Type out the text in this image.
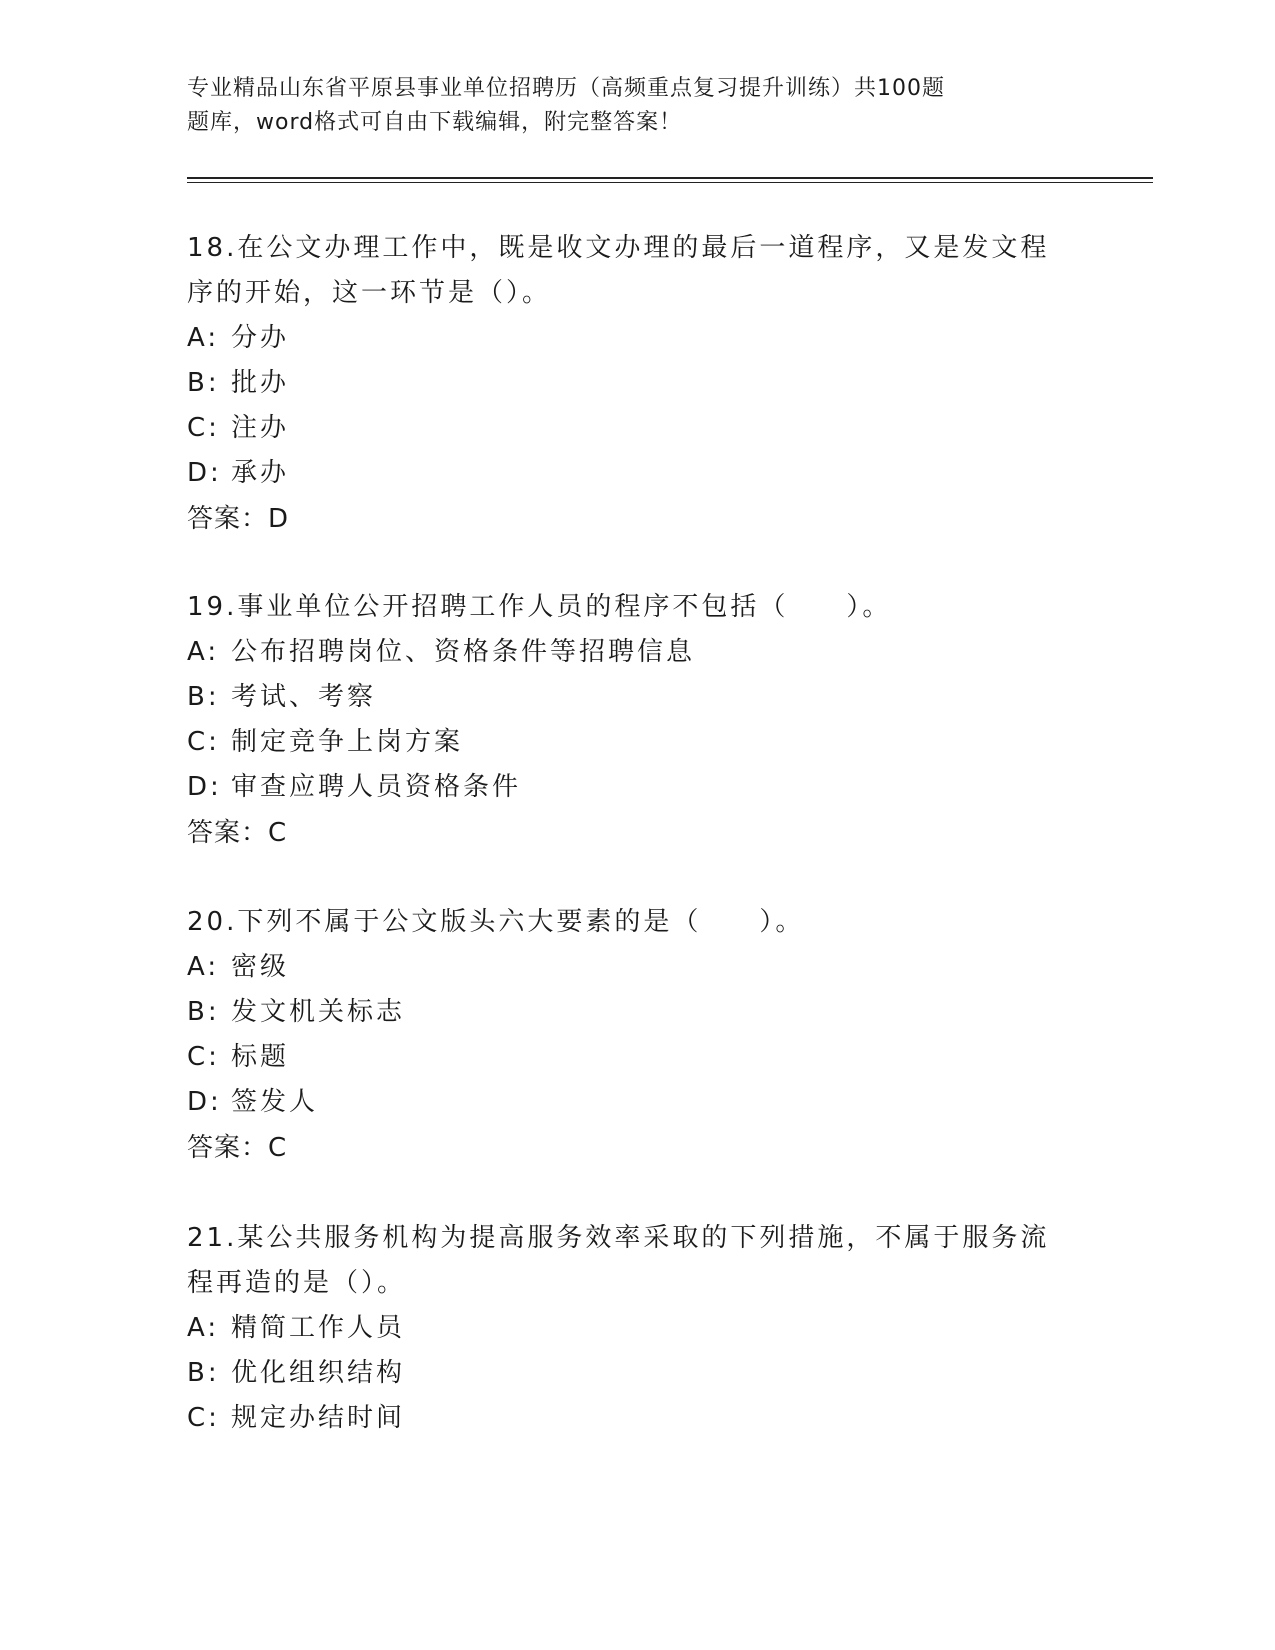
专业精品山东省平原县事业单位招聘历（高频重点复习提升训练）共100题
题库，word格式可自由下载编辑，附完整答案！
18.在公文办理工作中，既是收文办理的最后一道程序，又是发文程序的开始，这一环节是（）。
A: 分办
B: 批办
C: 注办
D: 承办
答案：D
19.事业单位公开招聘工作人员的程序不包括（　　）。
A: 公布招聘岗位、资格条件等招聘信息
B: 考试、考察
C: 制定竞争上岗方案
D: 审查应聘人员资格条件
答案：C
20.下列不属于公文版头六大要素的是（　　）。
A: 密级
B: 发文机关标志
C: 标题
D: 签发人
答案：C
21.某公共服务机构为提高服务效率采取的下列措施，不属于服务流程再造的是（）。
A: 精简工作人员
B: 优化组织结构
C: 规定办结时间
